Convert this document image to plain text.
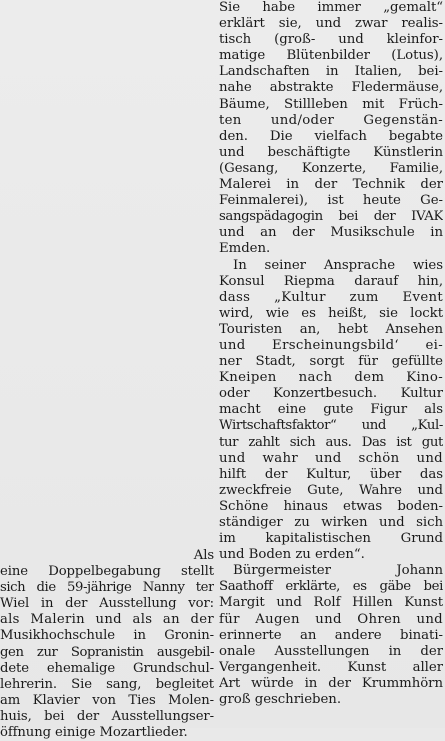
Als
eine Doppelbegabung stellt
sich die 59-jährige Nanny ter
Wiel in der Ausstellung vor:
als Malerin und als an der
Musikhochschule in Gronin-
gen zur Sopranistin ausgebil-
dete ehemalige Grundschul-
lehrerin. Sie sang, begleitet
am Klavier von Ties Molen-
huis, bei der Ausstellungser-
öffnung einige Mozartlieder.
Sie habe immer „gemalt“
erklärt sie, und zwar realis-
tisch (groß- und kleinfor-
matige Blütenbilder (Lotus),
Landschaften in Italien, bei-
nahe abstrakte Fledermäuse,
Bäume, Stillleben mit Früch-
ten und/oder Gegenstän-
den. Die vielfach begabte
und beschäftigte Künstlerin
(Gesang, Konzerte, Familie,
Malerei in der Technik der
Feinmalerei), ist heute Ge-
sangspädagogin bei der IVAK
und an der Musikschule in
Emden.
In seiner Ansprache wies
Konsul Riepma darauf hin,
dass „Kultur zum Event
wird, wie es heißt, sie lockt
Touristen an, hebt Ansehen
und Erscheinungsbild‘ ei-
ner Stadt, sorgt für gefüllte
Kneipen nach dem Kino-
oder Konzertbesuch. Kultur
macht eine gute Figur als
Wirtschaftsfaktor“ und „Kul-
tur zahlt sich aus. Das ist gut
und wahr und schön und
hilft der Kultur, über das
zweckfreie Gute, Wahre und
Schöne hinaus etwas boden-
ständiger zu wirken und sich
im kapitalistischen Grund
und Boden zu erden“.
Bürgermeister Johann
Saathoff erklärte, es gäbe bei
Margit und Rolf Hillen Kunst
für Augen und Ohren und
erinnerte an andere binati-
onale Ausstellungen in der
Vergangenheit. Kunst aller
Art würde in der Krummhörn
groß geschrieben.
